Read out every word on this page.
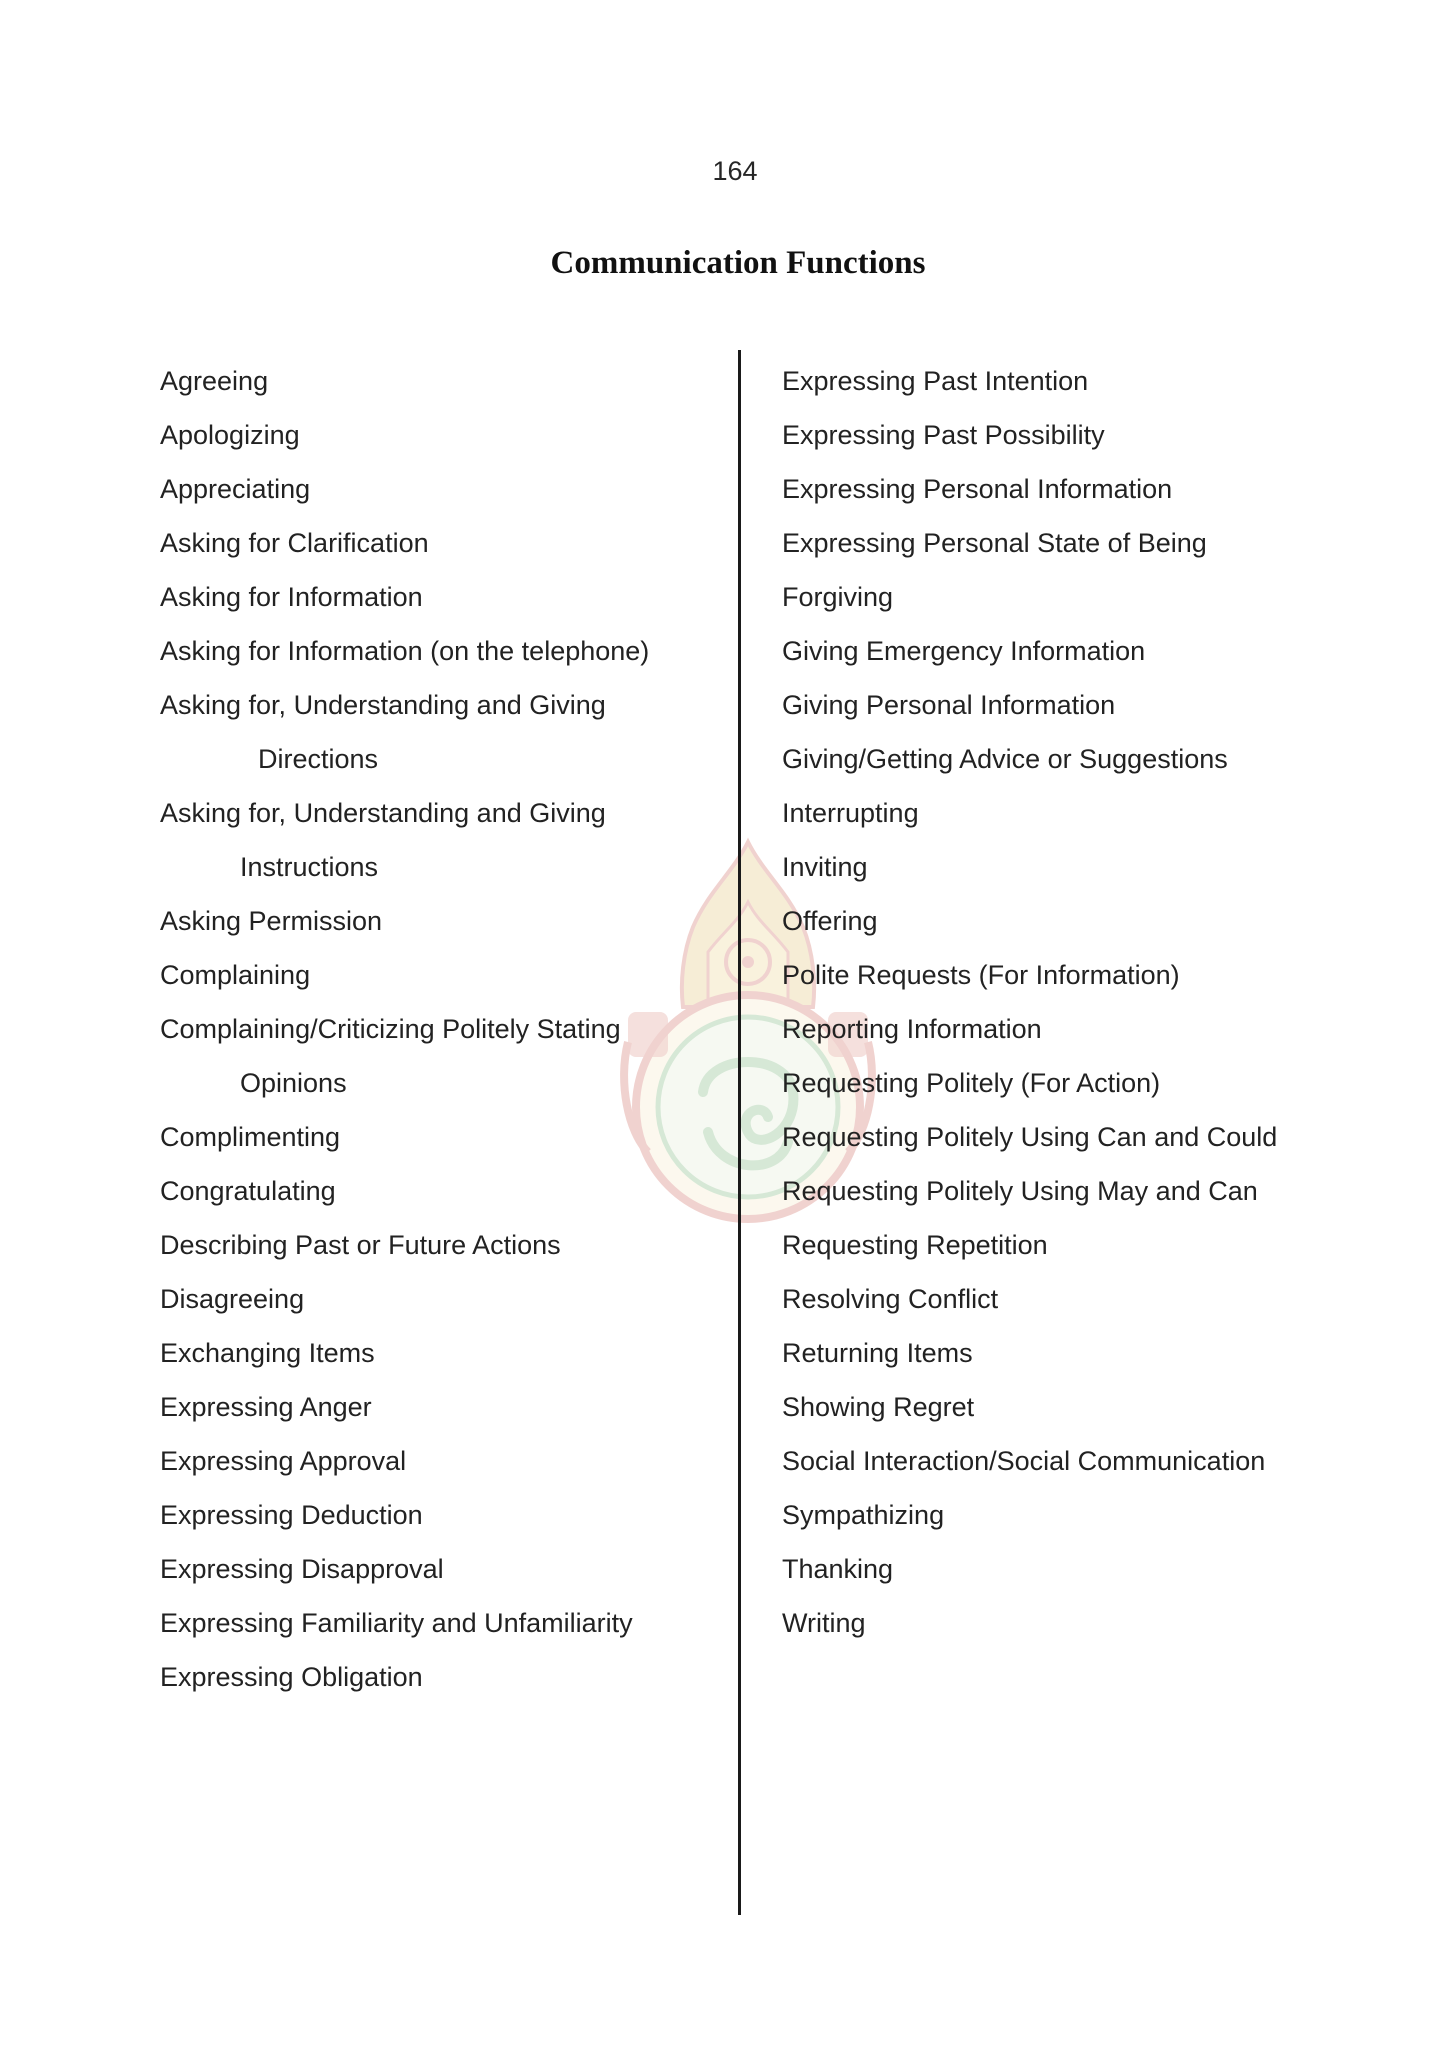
164
Communication Functions
Agreeing
Apologizing
Appreciating
Asking for Clarification
Asking for Information
Asking for Information (on the telephone)
Asking for, Understanding and Giving
Directions
Asking for, Understanding and Giving
Instructions
Asking Permission
Complaining
Complaining/Criticizing Politely Stating
Opinions
Complimenting
Congratulating
Describing Past or Future Actions
Disagreeing
Exchanging Items
Expressing Anger
Expressing Approval
Expressing Deduction
Expressing Disapproval
Expressing Familiarity and Unfamiliarity
Expressing Obligation
Expressing Past Intention
Expressing Past Possibility
Expressing Personal Information
Expressing Personal State of Being
Forgiving
Giving Emergency Information
Giving Personal Information
Giving/Getting Advice or Suggestions
Interrupting
Inviting
Offering
Polite Requests (For Information)
Reporting Information
Requesting Politely (For Action)
Requesting Politely Using Can and Could
Requesting Politely Using May and Can
Requesting Repetition
Resolving Conflict
Returning Items
Showing Regret
Social Interaction/Social Communication
Sympathizing
Thanking
Writing
